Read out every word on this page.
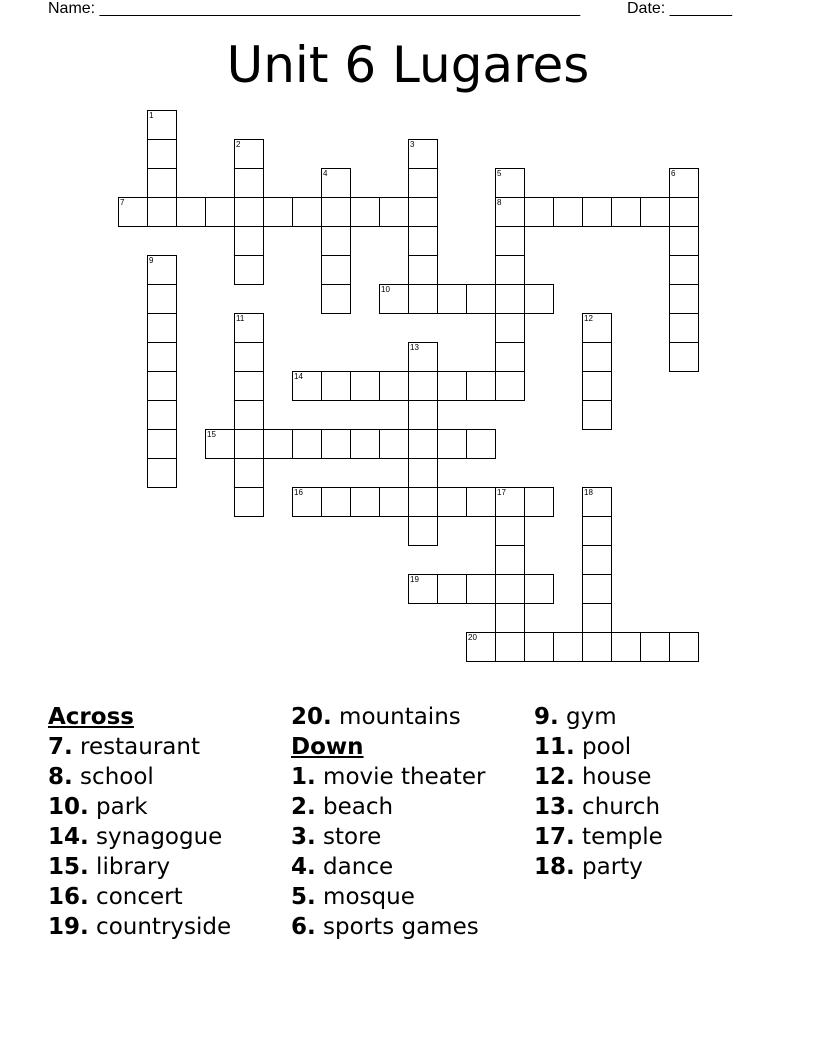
Name: ______________________________________________________	Date: _______
Unit 6 Lugares
1
2	3
4	5
8
6
7
9
10
11	12
13
14
15
16	17	18
19
20
Across
7. restaurant
8. school
10. park
14. synagogue
15. library
16. concert
19. countryside
20. mountains
Down
1. movie theater
2. beach
3. store
4. dance
5. mosque
6. sports games
9. gym
11. pool
12. house
13. church
17. temple
18. party
